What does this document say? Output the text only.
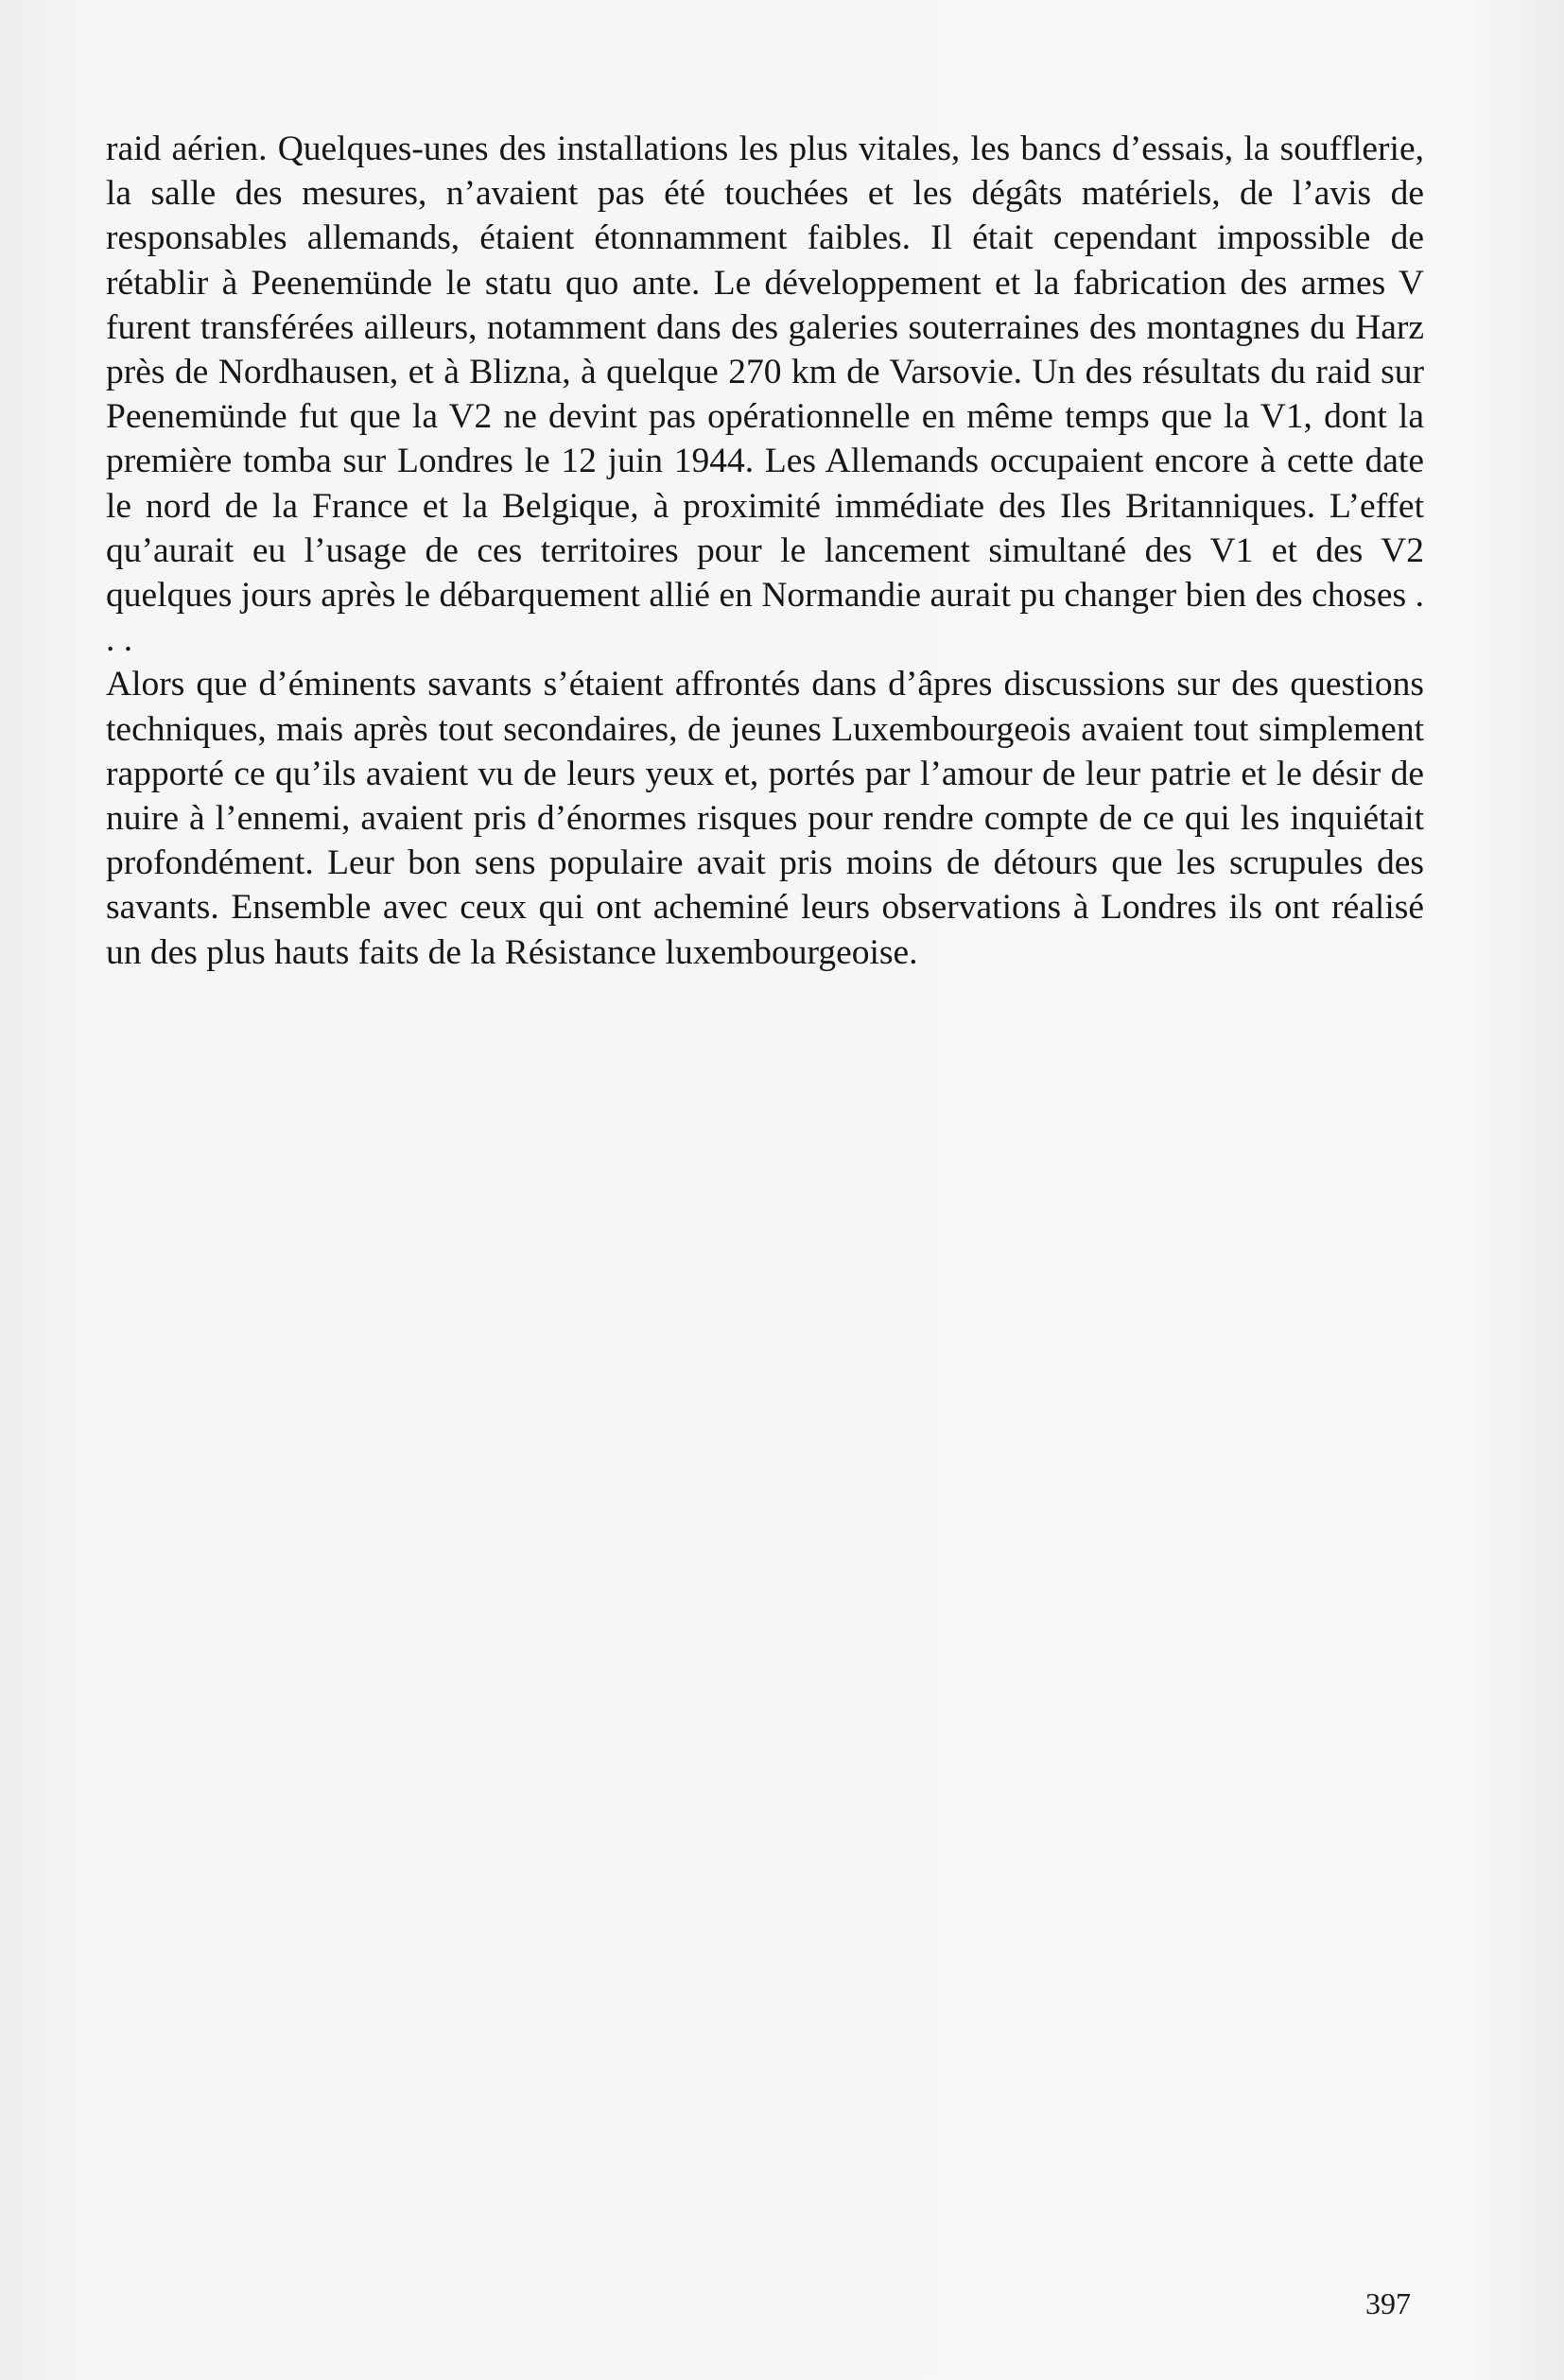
raid aérien. Quelques-unes des installations les plus vitales, les bancs d’essais, la soufflerie, la salle des mesures, n’avaient pas été touchées et les dégâts matériels, de l’avis de responsables allemands, étaient étonnamment faibles. Il était cependant impossible de rétablir à Peenemünde le statu quo ante. Le développement et la fabrication des armes V furent transférées ailleurs, notamment dans des galeries souterraines des montagnes du Harz près de Nordhausen, et à Blizna, à quelque 270 km de Varsovie. Un des résultats du raid sur Peenemünde fut que la V2 ne devint pas opérationnelle en même temps que la V1, dont la première tomba sur Londres le 12 juin 1944. Les Allemands occupaient encore à cette date le nord de la France et la Belgique, à proximité immédiate des Iles Britanniques. L’effet qu’aurait eu l’usage de ces territoires pour le lancement simultané des V1 et des V2 quelques jours après le débarquement allié en Normandie aurait pu changer bien des choses . . .

Alors que d’éminents savants s’étaient affrontés dans d’âpres discussions sur des questions techniques, mais après tout secondaires, de jeunes Luxembourgeois avaient tout simplement rapporté ce qu’ils avaient vu de leurs yeux et, portés par l’amour de leur patrie et le désir de nuire à l’ennemi, avaient pris d’énormes risques pour rendre compte de ce qui les inquiétait profondément. Leur bon sens populaire avait pris moins de détours que les scrupules des savants. Ensemble avec ceux qui ont acheminé leurs observations à Londres ils ont réalisé un des plus hauts faits de la Résistance luxembourgeoise.

397
